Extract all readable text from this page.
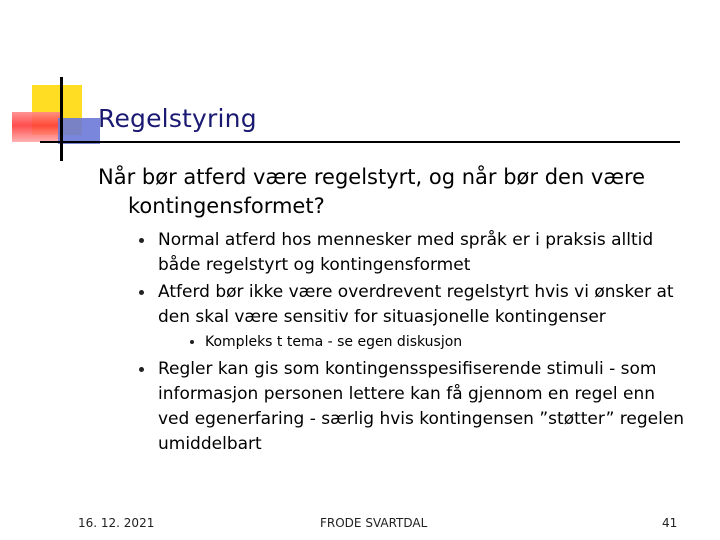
Regelstyring
Når bør atferd være regelstyrt, og når bør den være
kontingensformet?
Normal atferd hos mennesker med språk er i praksis alltid
både regelstyrt og kontingensformet
Atferd bør ikke være overdrevent regelstyrt hvis vi ønsker at
den skal være sensitiv for situasjonelle kontingenser
Kompleks t tema - se egen diskusjon
Regler kan gis som kontingensspesifiserende stimuli - som
informasjon personen lettere kan få gjennom en regel enn
ved egenerfaring - særlig hvis kontingensen ”støtter” regelen
umiddelbart
16. 12. 2021	FRODE SVARTDAL	41
